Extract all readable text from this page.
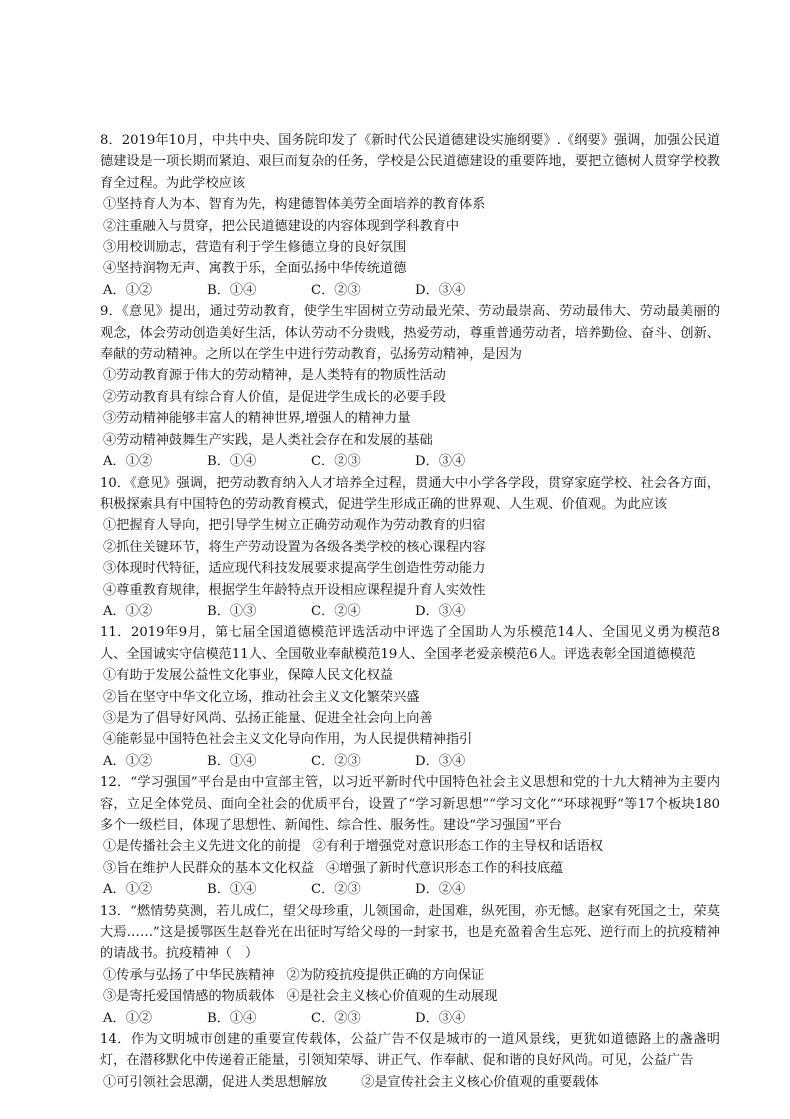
8．2019年10月，中共中央、国务院印发了《新时代公民道德建设实施纲要》.《纲要》强调，加强公民道德建设是一项长期而紧迫、艰巨而复杂的任务，学校是公民道德建设的重要阵地，要把立德树人贯穿学校教育全过程。为此学校应该

①坚持育人为本、智育为先，构建德智体美劳全面培养的教育体系

②注重融入与贯穿，把公民道德建设的内容体现到学科教育中

③用校训励志，营造有利于学生修德立身的良好氛围

④坚持润物无声、寓教于乐，全面弘扬中华传统道德

A．①②	B．①④	C．②③	D．③④

9．《意见》提出，通过劳动教育，使学生牢固树立劳动最光荣、劳动最崇高、劳动最伟大、劳动最美丽的观念，体会劳动创造美好生活，体认劳动不分贵贱，热爱劳动，尊重普通劳动者，培养勤俭、奋斗、创新、奉献的劳动精神。之所以在学生中进行劳动教育，弘扬劳动精神，是因为

①劳动教育源于伟大的劳动精神，是人类特有的物质性活动

②劳动教育具有综合育人价值，是促进学生成长的必要手段

③劳动精神能够丰富人的精神世界,增强人的精神力量

④劳动精神鼓舞生产实践，是人类社会存在和发展的基础

A．①②	B．①④	C．②③	D．③④

10．《意见》强调，把劳动教育纳入人才培养全过程，贯通大中小学各学段，贯穿家庭学校、社会各方面，积极探索具有中国特色的劳动教育模式，促进学生形成正确的世界观、人生观、价值观。为此应该

①把握育人导向，把引导学生树立正确劳动观作为劳动教育的归宿

②抓住关键环节，将生产劳动设置为各级各类学校的核心课程内容

③体现时代特征，适应现代科技发展要求提高学生创造性劳动能力

④尊重教育规律，根据学生年龄特点开设相应课程提升育人实效性

A．①②	B．①③	C．②④	D．③④

11．2019年9月，第七届全国道德模范评选活动中评选了全国助人为乐模范14人、全国见义勇为模范8人、全国诚实守信模范11人、全国敬业奉献模范19人、全国孝老爱亲模范6人。评选表彰全国道德模范

①有助于发展公益性文化事业，保障人民文化权益

②旨在坚守中华文化立场，推动社会主义文化繁荣兴盛

③是为了倡导好风尚、弘扬正能量、促进全社会向上向善

④能彰显中国特色社会主义文化导向作用，为人民提供精神指引

A．①②	B．①④	C．②③	D．③④

12．“学习强国”平台是由中宣部主管，以习近平新时代中国特色社会主义思想和党的十九大精神为主要内容，立足全体党员、面向全社会的优质平台，设置了“学习新思想”“学习文化”“环球视野”等17个板块180多个一级栏目，体现了思想性、新闻性、综合性、服务性。建设“学习强国”平台

①是传播社会主义先进文化的前提 ②有利于增强党对意识形态工作的主导权和话语权

③旨在维护人民群众的基本文化权益 ④增强了新时代意识形态工作的科技底蕴

A．①②	B．①④	C．②③	D．②④

13．“燃情势莫测，若儿成仁，望父母珍重，儿领国命，赴国难，纵死围，亦无憾。赵家有死国之士，荣莫大焉……”这是援鄂医生赵眷光在出征时写给父母的一封家书，也是充盈着舍生忘死、逆行而上的抗疫精神的请战书。抗疫精神（　）

①传承与弘扬了中华民族精神 ②为防疫抗疫提供正确的方向保证

③是寄托爱国情感的物质载体 ④是社会主义核心价值观的生动展现

A．①②	B．①④	C．②③	D．③④

14．作为文明城市创建的重要宣传载体，公益广告不仅是城市的一道风景线，更犹如道德路上的盏盏明灯，在潜移默化中传递着正能量，引领知荣辱、讲正气、作奉献、促和谐的良好风尚。可见，公益广告

①可引领社会思潮，促进人类思想解放	②是宣传社会主义核心价值观的重要载体
